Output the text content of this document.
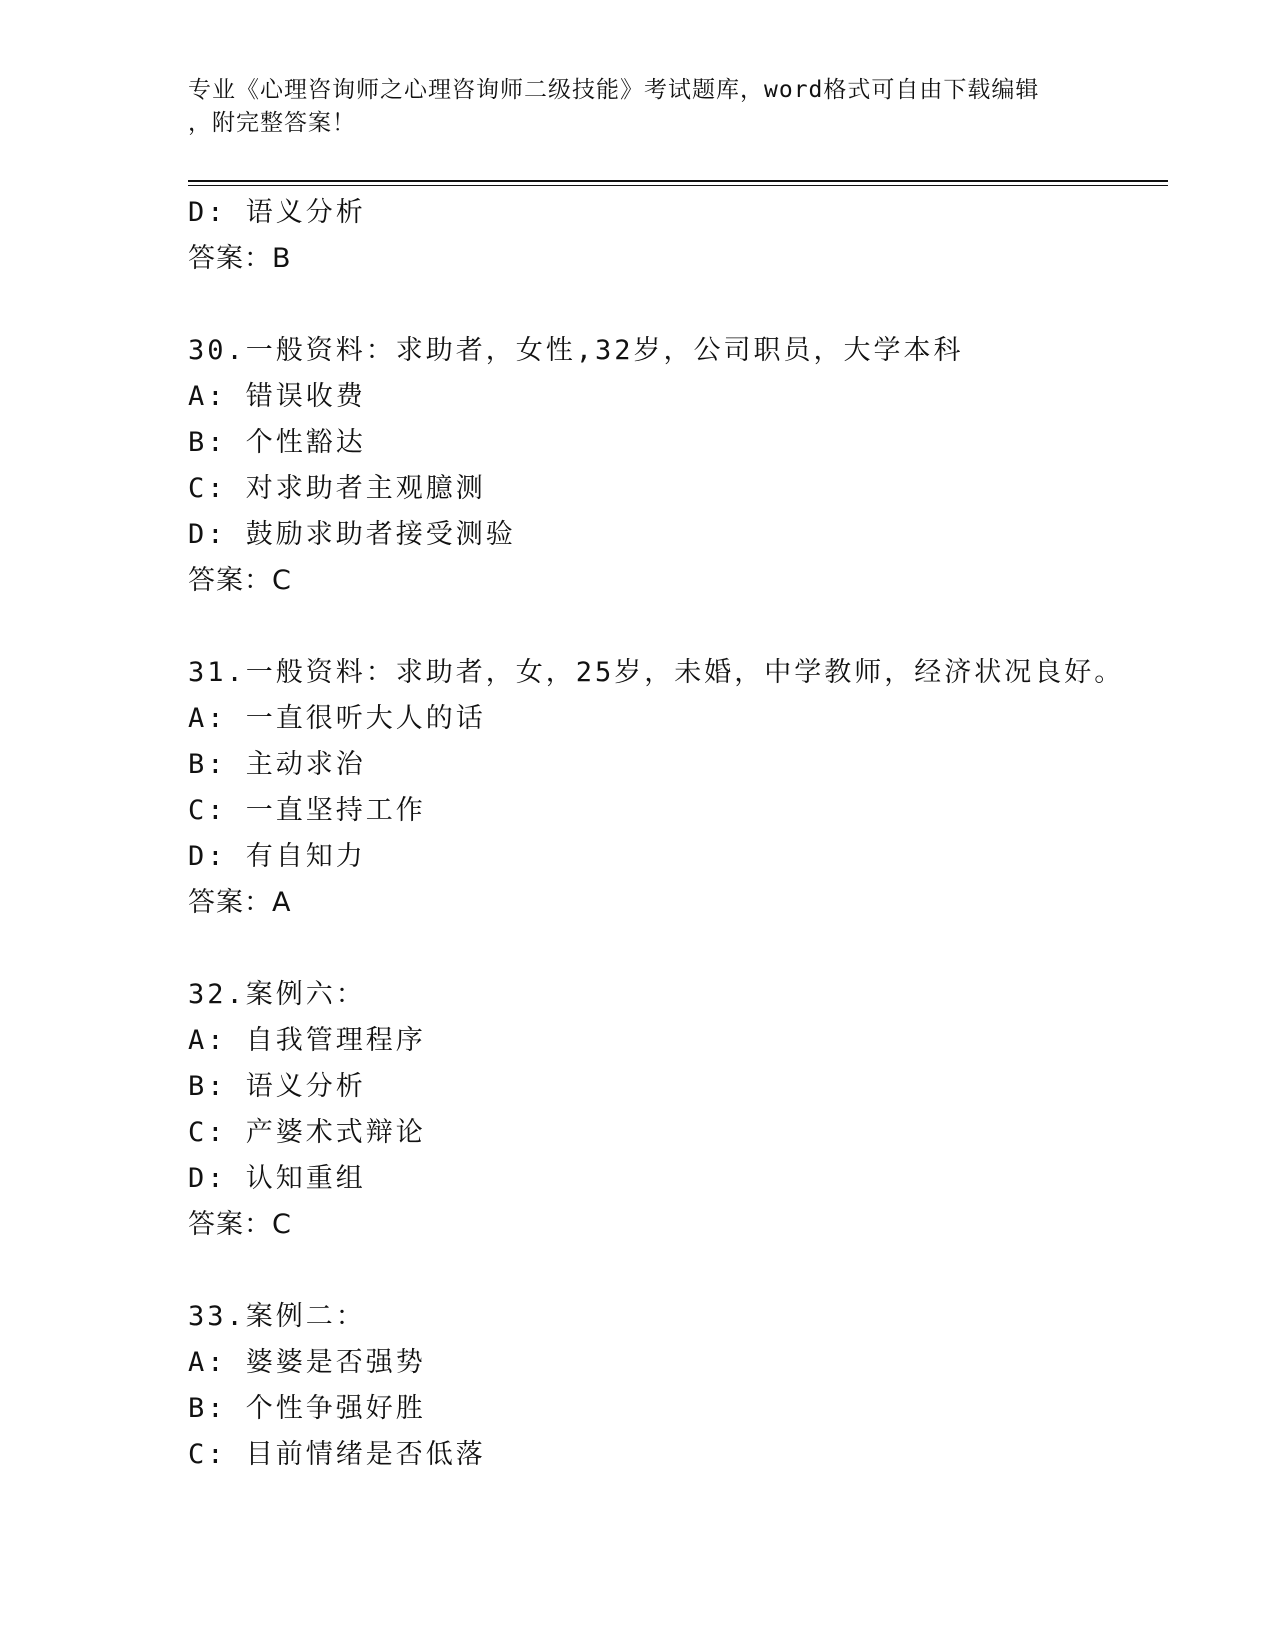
专业《心理咨询师之心理咨询师二级技能》考试题库，word格式可自由下载编辑
，附完整答案！
D: 语义分析
答案：B
30.一般资料：求助者，女性,32岁，公司职员，大学本科
A: 错误收费
B: 个性豁达
C: 对求助者主观臆测
D: 鼓励求助者接受测验
答案：C
31.一般资料：求助者，女，25岁，未婚，中学教师，经济状况良好。
A: 一直很听大人的话
B: 主动求治
C: 一直坚持工作
D: 有自知力
答案：A
32.案例六：
A: 自我管理程序
B: 语义分析
C: 产婆术式辩论
D: 认知重组
答案：C
33.案例二：
A: 婆婆是否强势
B: 个性争强好胜
C: 目前情绪是否低落
